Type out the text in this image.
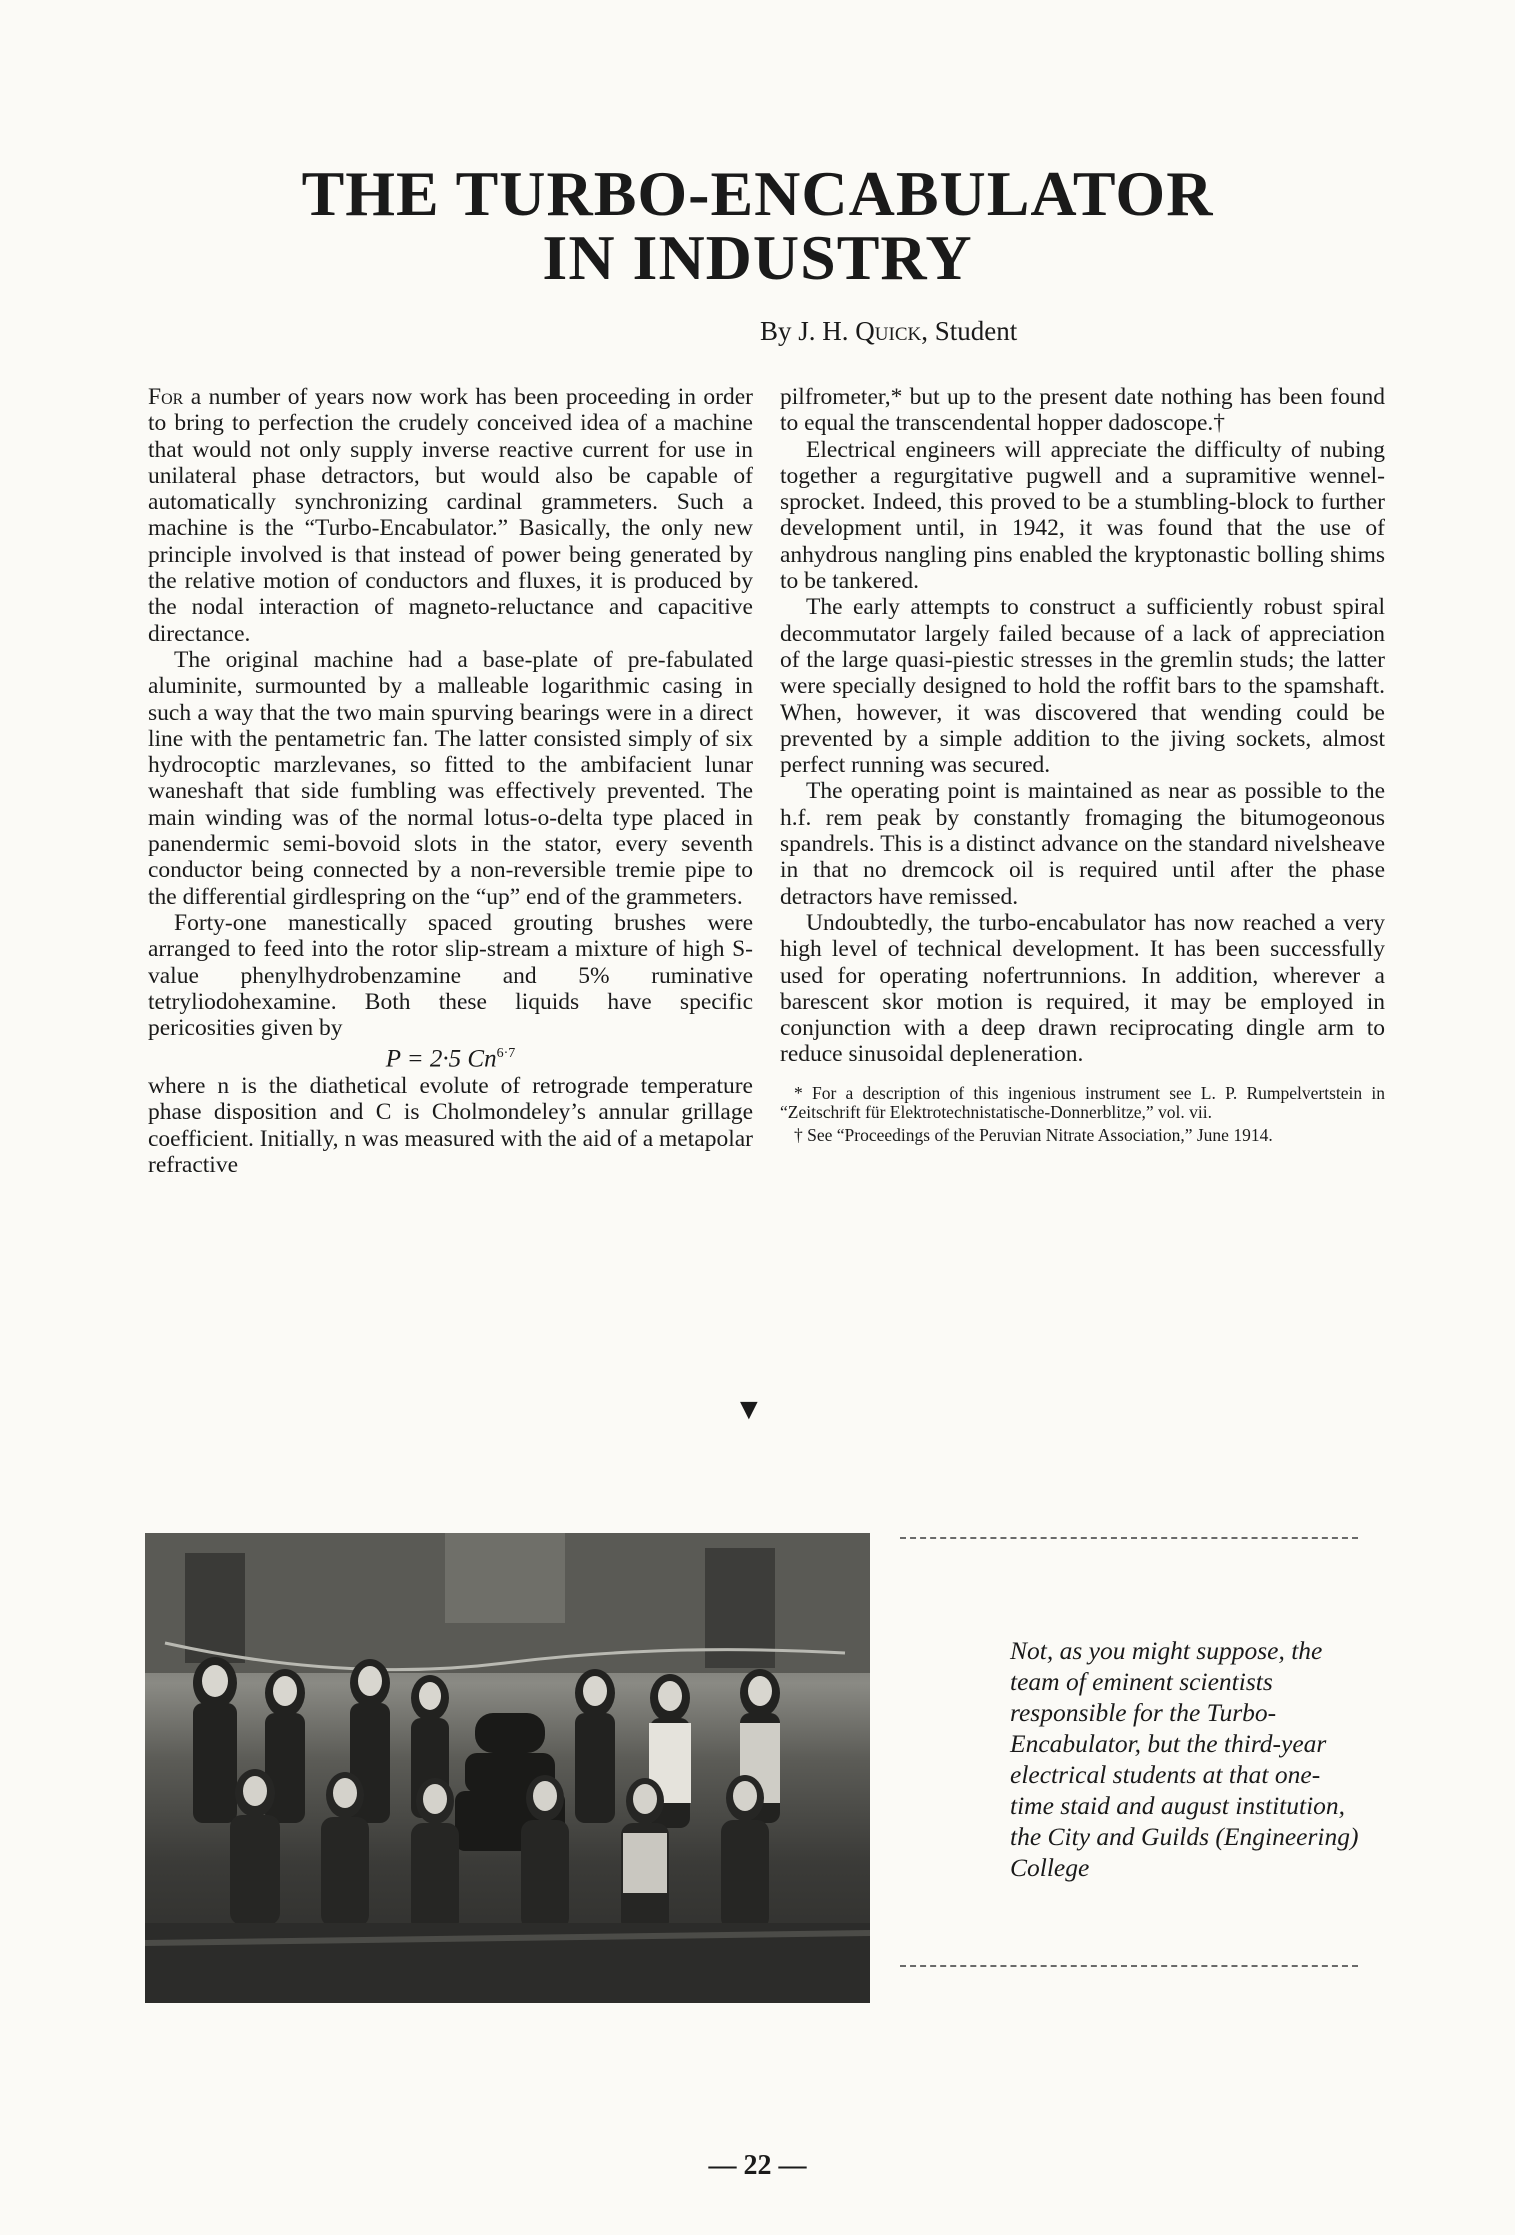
THE TURBO-ENCABULATOR
IN INDUSTRY
By J. H. Quick, Student

For a number of years now work has been proceeding in order to bring to perfection the crudely conceived idea of a machine that would not only supply inverse reactive current for use in unilateral phase detractors, but would also be capable of automatically synchronizing cardinal grammeters. Such a machine is the “Turbo-Encabulator.” Basically, the only new principle involved is that instead of power being generated by the relative motion of conductors and fluxes, it is produced by the nodal interaction of magneto-reluctance and capacitive directance.

The original machine had a base-plate of pre-fabulated aluminite, surmounted by a malleable logarithmic casing in such a way that the two main spurving bearings were in a direct line with the pentametric fan. The latter consisted simply of six hydrocoptic marzlevanes, so fitted to the ambifacient lunar waneshaft that side fumbling was effectively prevented. The main winding was of the normal lotus-o-delta type placed in panendermic semi-bovoid slots in the stator, every seventh conductor being connected by a non-reversible tremie pipe to the differential girdlespring on the “up” end of the grammeters.

Forty-one manestically spaced grouting brushes were arranged to feed into the rotor slip-stream a mixture of high S-value phenylhydrobenzamine and 5% ruminative tetryliodohexamine. Both these liquids have specific pericosities given by

P = 2·5 $Cn^{6\cdot 7}$

where n is the diathetical evolute of retrograde temperature phase disposition and C is Cholmondeley’s annular grillage coefficient. Initially, n was measured with the aid of a metapolar refractive

pilfrometer,* but up to the present date nothing has been found to equal the transcendental hopper dadoscope.†

Electrical engineers will appreciate the difficulty of nubing together a regurgitative pugwell and a supramitive wennel-sprocket. Indeed, this proved to be a stumbling-block to further development until, in 1942, it was found that the use of anhydrous nangling pins enabled the kryptonastic bolling shims to be tankered.

The early attempts to construct a sufficiently robust spiral decommutator largely failed because of a lack of appreciation of the large quasi-piestic stresses in the gremlin studs; the latter were specially designed to hold the roffit bars to the spamshaft. When, however, it was discovered that wending could be prevented by a simple addition to the jiving sockets, almost perfect running was secured.

The operating point is maintained as near as possible to the h.f. rem peak by constantly fromaging the bitumogeonous spandrels. This is a distinct advance on the standard nivelsheave in that no dremcock oil is required until after the phase detractors have remissed.

Undoubtedly, the turbo-encabulator has now reached a very high level of technical development. It has been successfully used for operating nofertrunnions. In addition, wherever a barescent skor motion is required, it may be employed in conjunction with a deep drawn reciprocating dingle arm to reduce sinusoidal depleneration.

* For a description of this ingenious instrument see L. P. Rumpelvertstein in “Zeitschrift für Elektrotechnistatische-Donnerblitze,” vol. vii.

† See “Proceedings of the Peruvian Nitrate Association,” June 1914.

▼
Not, as you might suppose, the team of eminent scientists responsible for the Turbo-Encabulator, but the third-year electrical students at that one-time staid and august institution, the City and Guilds (Engineering) College
— 22 —
